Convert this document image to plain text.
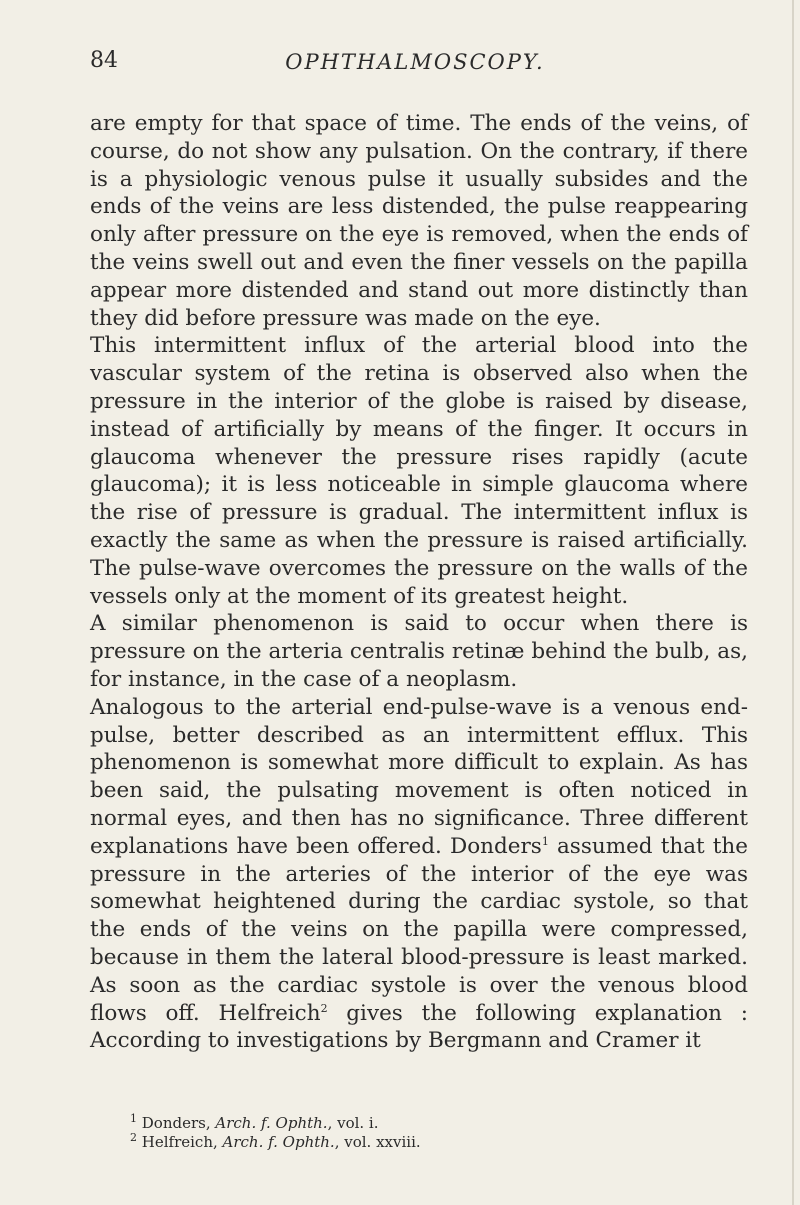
84	OPHTHALMOSCOPY.

are empty for that space of time. The ends of the veins, of course, do not show any pulsation. On the contrary, if there is a physiologic venous pulse it usually subsides and the ends of the veins are less distended, the pulse reappearing only after pressure on the eye is removed, when the ends of the veins swell out and even the finer vessels on the papilla appear more distended and stand out more distinctly than they did before pressure was made on the eye.

This intermittent influx of the arterial blood into the vascular system of the retina is observed also when the pressure in the interior of the globe is raised by disease, instead of artificially by means of the finger. It occurs in glaucoma whenever the pressure rises rapidly (acute glaucoma); it is less noticeable in simple glaucoma where the rise of pressure is gradual. The intermittent influx is exactly the same as when the pressure is raised artificially. The pulse-wave overcomes the pressure on the walls of the vessels only at the moment of its greatest height.

A similar phenomenon is said to occur when there is pressure on the arteria centralis retinæ behind the bulb, as, for instance, in the case of a neoplasm.

Analogous to the arterial end-pulse-wave is a venous end-pulse, better described as an intermittent efflux. This phenomenon is somewhat more difficult to explain. As has been said, the pulsating movement is often noticed in normal eyes, and then has no significance. Three different explanations have been offered. Donders$^1$ assumed that the pressure in the arteries of the interior of the eye was somewhat heightened during the cardiac systole, so that the ends of the veins on the papilla were compressed, because in them the lateral blood-pressure is least marked. As soon as the cardiac systole is over the venous blood flows off. Helfreich$^2$ gives the following explanation : According to investigations by Bergmann and Cramer it

$^1$ Donders, Arch. f. Ophth., vol. i.
$^2$ Helfreich, Arch. f. Ophth., vol. xxviii.
